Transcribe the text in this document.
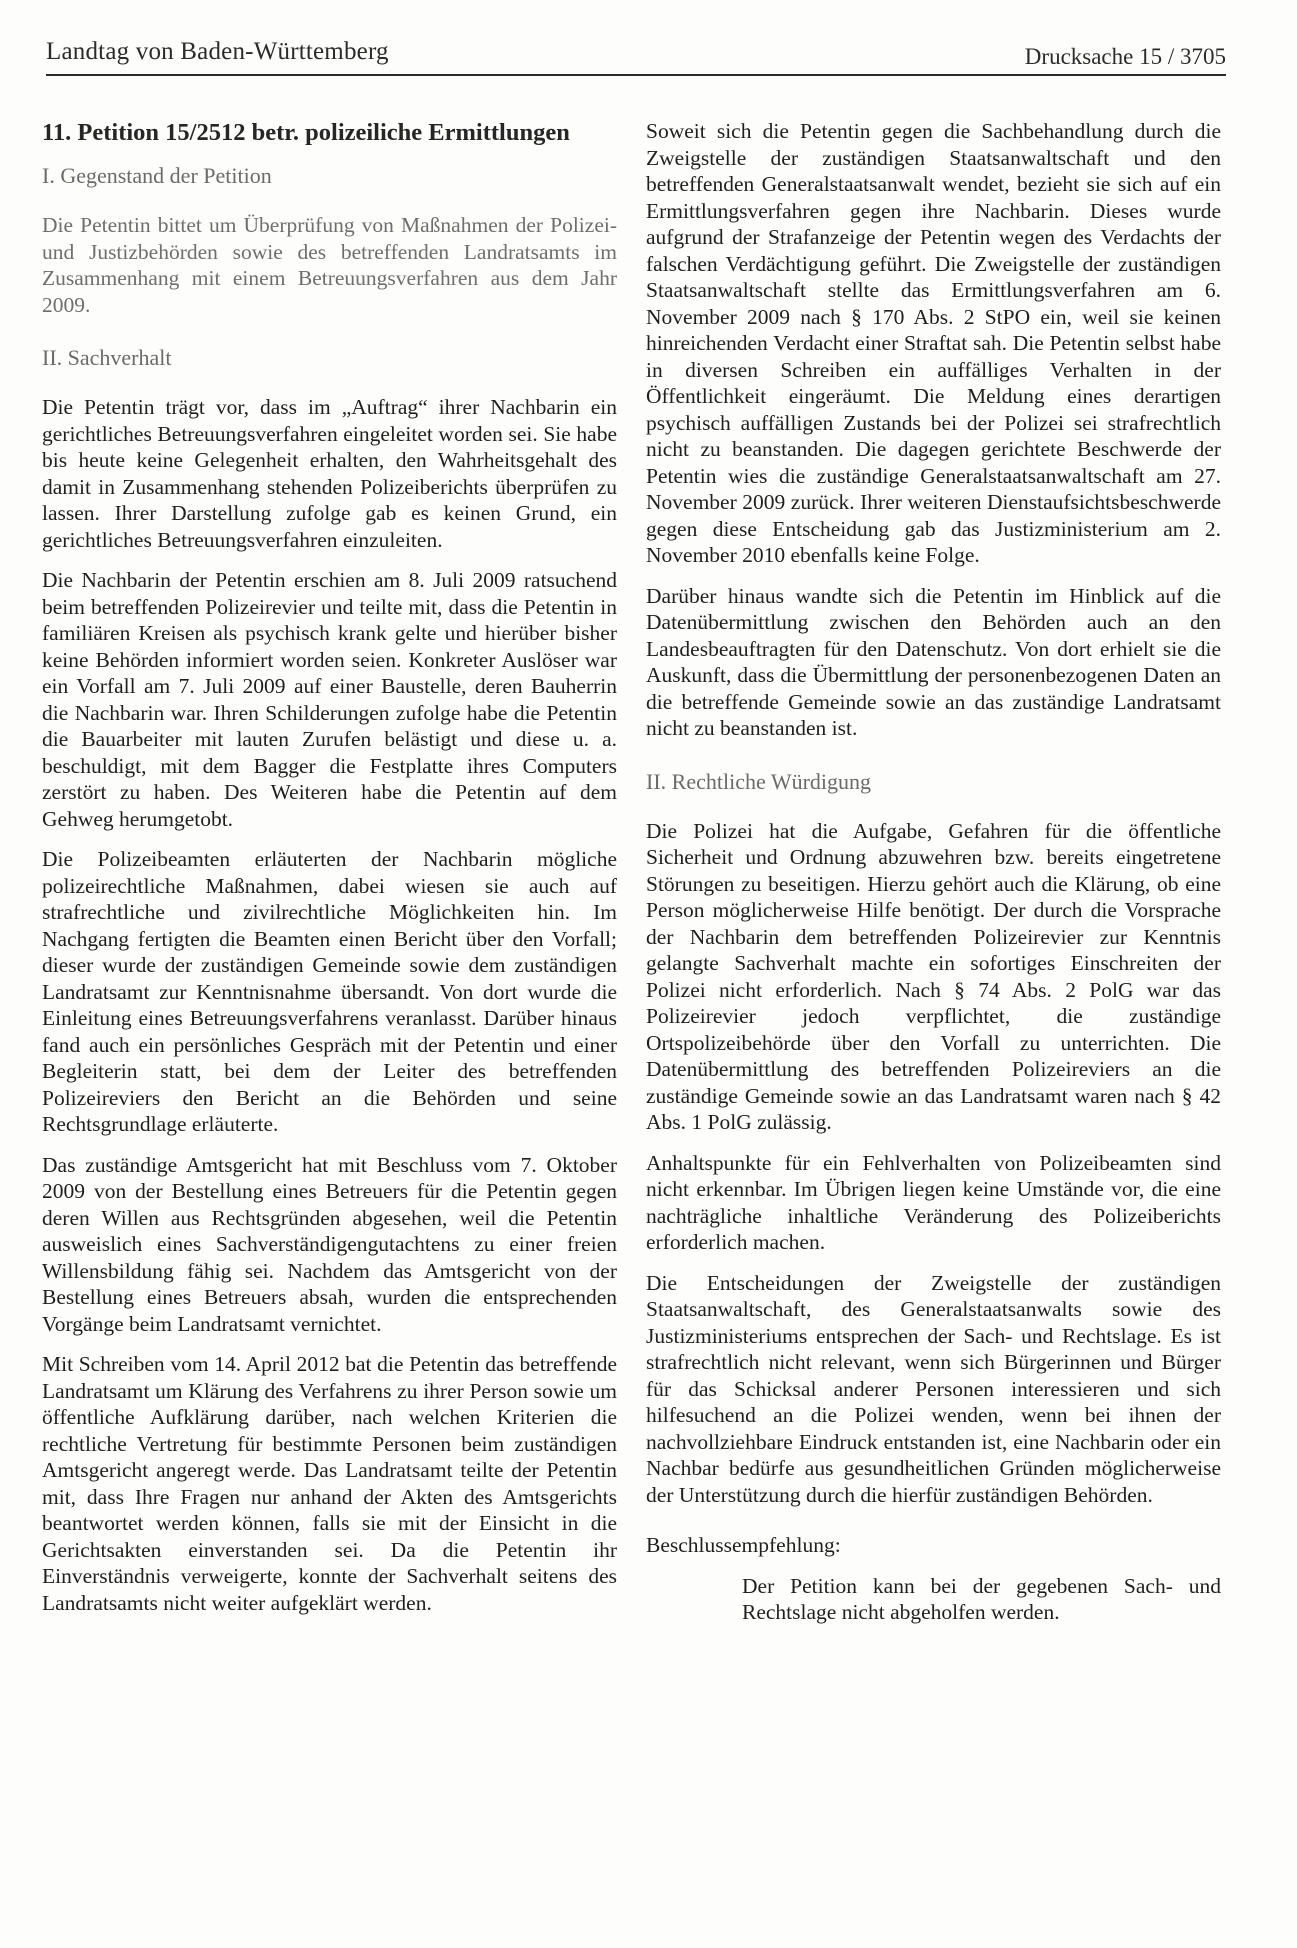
Landtag von Baden-Württemberg	Drucksache 15 / 3705
11. Petition 15/2512 betr. polizeiliche Ermittlungen
I. Gegenstand der Petition

Die Petentin bittet um Überprüfung von Maßnahmen der Polizei- und Justizbehörden sowie des betreffenden Landratsamts im Zusammenhang mit einem Betreuungsverfahren aus dem Jahr 2009.

II. Sachverhalt

Die Petentin trägt vor, dass im „Auftrag“ ihrer Nachbarin ein gerichtliches Betreuungsverfahren eingeleitet worden sei. Sie habe bis heute keine Gelegenheit erhalten, den Wahrheitsgehalt des damit in Zusammenhang stehenden Polizeiberichts überprüfen zu lassen. Ihrer Darstellung zufolge gab es keinen Grund, ein gerichtliches Betreuungsverfahren einzuleiten.

Die Nachbarin der Petentin erschien am 8. Juli 2009 ratsuchend beim betreffenden Polizeirevier und teilte mit, dass die Petentin in familiären Kreisen als psychisch krank gelte und hierüber bisher keine Behörden informiert worden seien. Konkreter Auslöser war ein Vorfall am 7. Juli 2009 auf einer Baustelle, deren Bauherrin die Nachbarin war. Ihren Schilderungen zufolge habe die Petentin die Bauarbeiter mit lauten Zurufen belästigt und diese u. a. beschuldigt, mit dem Bagger die Festplatte ihres Computers zerstört zu haben. Des Weiteren habe die Petentin auf dem Gehweg herumgetobt.

Die Polizeibeamten erläuterten der Nachbarin mögliche polizeirechtliche Maßnahmen, dabei wiesen sie auch auf strafrechtliche und zivilrechtliche Möglichkeiten hin. Im Nachgang fertigten die Beamten einen Bericht über den Vorfall; dieser wurde der zuständigen Gemeinde sowie dem zuständigen Landratsamt zur Kenntnisnahme übersandt. Von dort wurde die Einleitung eines Betreuungsverfahrens veranlasst. Darüber hinaus fand auch ein persönliches Gespräch mit der Petentin und einer Begleiterin statt, bei dem der Leiter des betreffenden Polizeireviers den Bericht an die Behörden und seine Rechtsgrundlage erläuterte.

Das zuständige Amtsgericht hat mit Beschluss vom 7. Oktober 2009 von der Bestellung eines Betreuers für die Petentin gegen deren Willen aus Rechtsgründen abgesehen, weil die Petentin ausweislich eines Sachverständigengutachtens zu einer freien Willensbildung fähig sei. Nachdem das Amtsgericht von der Bestellung eines Betreuers absah, wurden die entsprechenden Vorgänge beim Landratsamt vernichtet.

Mit Schreiben vom 14. April 2012 bat die Petentin das betreffende Landratsamt um Klärung des Verfahrens zu ihrer Person sowie um öffentliche Aufklärung darüber, nach welchen Kriterien die rechtliche Vertretung für bestimmte Personen beim zuständigen Amtsgericht angeregt werde. Das Landratsamt teilte der Petentin mit, dass Ihre Fragen nur anhand der Akten des Amtsgerichts beantwortet werden können, falls sie mit der Einsicht in die Gerichtsakten einverstanden sei. Da die Petentin ihr Einverständnis verweigerte, konnte der Sachverhalt seitens des Landratsamts nicht weiter aufgeklärt werden.

Soweit sich die Petentin gegen die Sachbehandlung durch die Zweigstelle der zuständigen Staatsanwaltschaft und den betreffenden Generalstaatsanwalt wendet, bezieht sie sich auf ein Ermittlungsverfahren gegen ihre Nachbarin. Dieses wurde aufgrund der Strafanzeige der Petentin wegen des Verdachts der falschen Verdächtigung geführt. Die Zweigstelle der zuständigen Staatsanwaltschaft stellte das Ermittlungsverfahren am 6. November 2009 nach § 170 Abs. 2 StPO ein, weil sie keinen hinreichenden Verdacht einer Straftat sah. Die Petentin selbst habe in diversen Schreiben ein auffälliges Verhalten in der Öffentlichkeit eingeräumt. Die Meldung eines derartigen psychisch auffälligen Zustands bei der Polizei sei strafrechtlich nicht zu beanstanden. Die dagegen gerichtete Beschwerde der Petentin wies die zuständige Generalstaatsanwaltschaft am 27. November 2009 zurück. Ihrer weiteren Dienstaufsichtsbeschwerde gegen diese Entscheidung gab das Justizministerium am 2. November 2010 ebenfalls keine Folge.

Darüber hinaus wandte sich die Petentin im Hinblick auf die Datenübermittlung zwischen den Behörden auch an den Landesbeauftragten für den Datenschutz. Von dort erhielt sie die Auskunft, dass die Übermittlung der personenbezogenen Daten an die betreffende Gemeinde sowie an das zuständige Landratsamt nicht zu beanstanden ist.

II. Rechtliche Würdigung

Die Polizei hat die Aufgabe, Gefahren für die öffentliche Sicherheit und Ordnung abzuwehren bzw. bereits eingetretene Störungen zu beseitigen. Hierzu gehört auch die Klärung, ob eine Person möglicherweise Hilfe benötigt. Der durch die Vorsprache der Nachbarin dem betreffenden Polizeirevier zur Kenntnis gelangte Sachverhalt machte ein sofortiges Einschreiten der Polizei nicht erforderlich. Nach § 74 Abs. 2 PolG war das Polizeirevier jedoch verpflichtet, die zuständige Ortspolizeibehörde über den Vorfall zu unterrichten. Die Datenübermittlung des betreffenden Polizeireviers an die zuständige Gemeinde sowie an das Landratsamt waren nach § 42 Abs. 1 PolG zulässig.

Anhaltspunkte für ein Fehlverhalten von Polizeibeamten sind nicht erkennbar. Im Übrigen liegen keine Umstände vor, die eine nachträgliche inhaltliche Veränderung des Polizeiberichts erforderlich machen.

Die Entscheidungen der Zweigstelle der zuständigen Staatsanwaltschaft, des Generalstaatsanwalts sowie des Justizministeriums entsprechen der Sach- und Rechtslage. Es ist strafrechtlich nicht relevant, wenn sich Bürgerinnen und Bürger für das Schicksal anderer Personen interessieren und sich hilfesuchend an die Polizei wenden, wenn bei ihnen der nachvollziehbare Eindruck entstanden ist, eine Nachbarin oder ein Nachbar bedürfe aus gesundheitlichen Gründen möglicherweise der Unterstützung durch die hierfür zuständigen Behörden.

Beschlussempfehlung:
Der Petition kann bei der gegebenen Sach- und Rechtslage nicht abgeholfen werden.
